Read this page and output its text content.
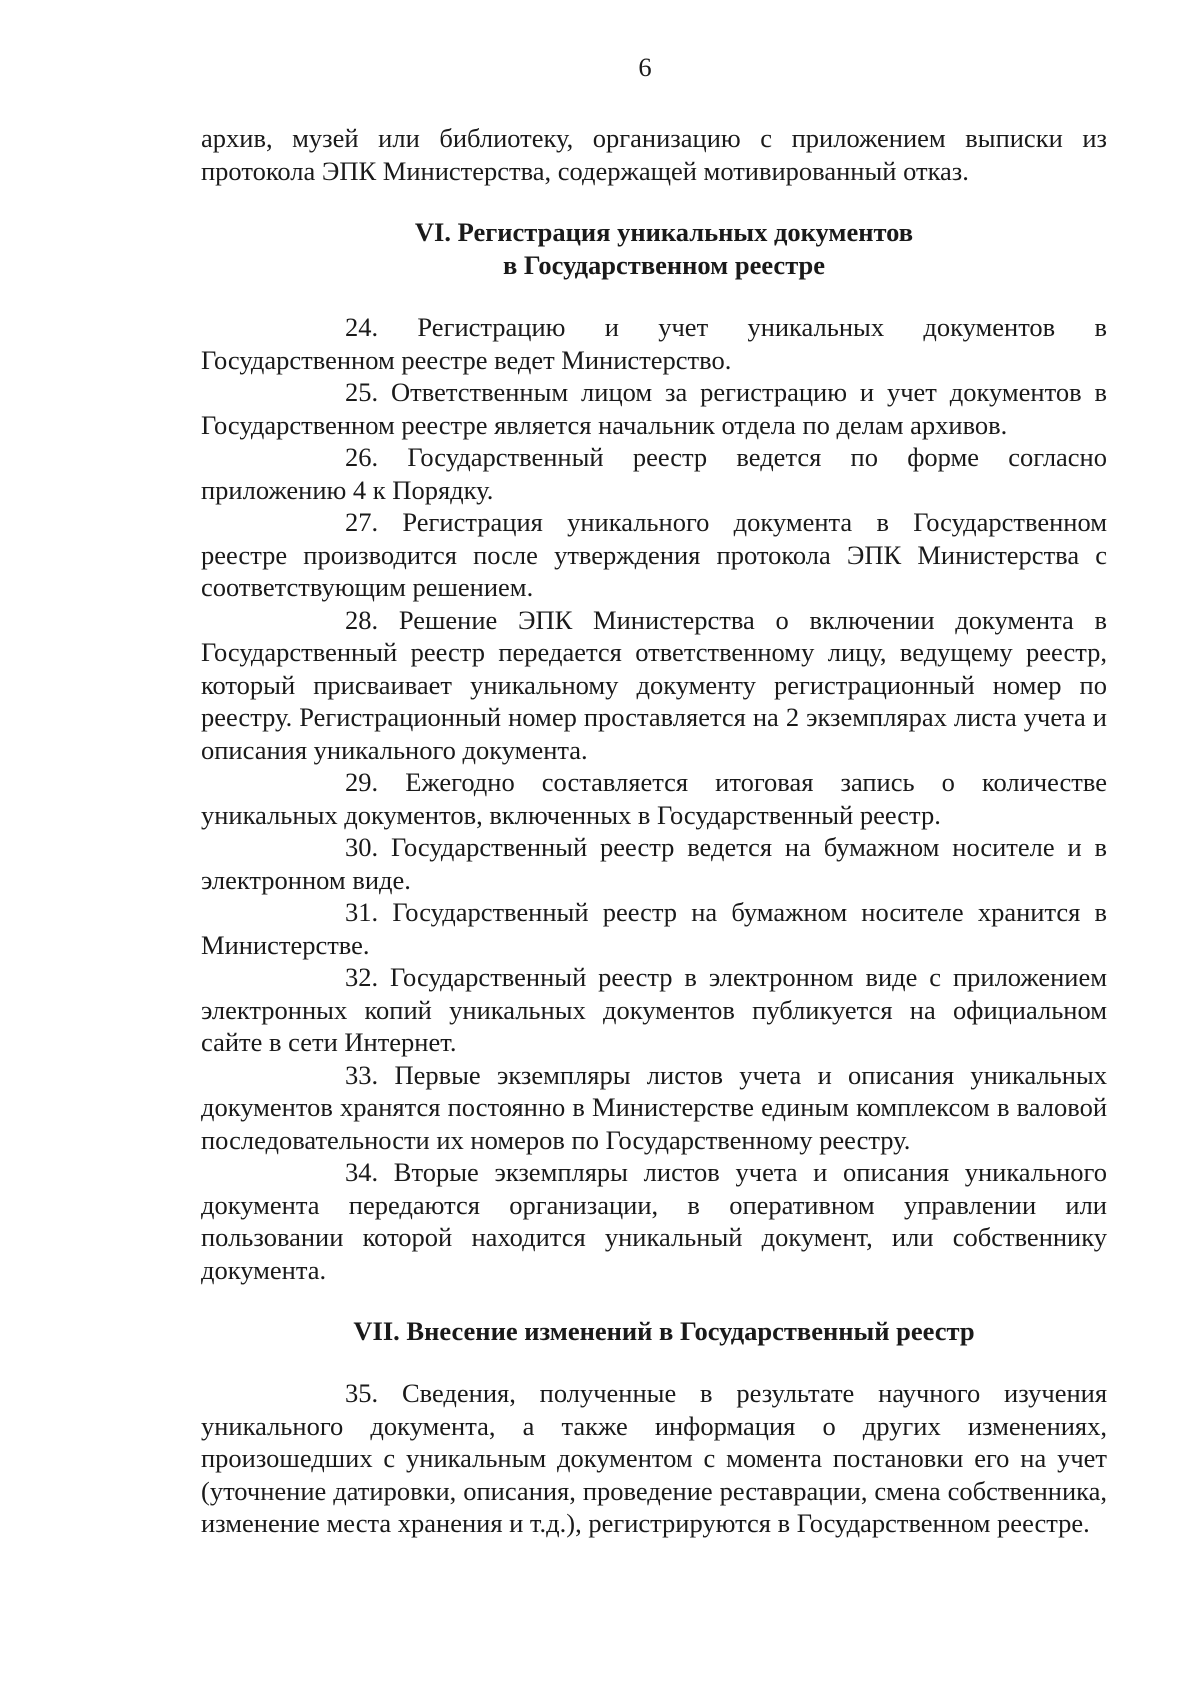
6

архив, музей или библиотеку, организацию с приложением выписки из протокола ЭПК Министерства, содержащей мотивированный отказ.

VI. Регистрация уникальных документов
в Государственном реестре

24. Регистрацию и учет уникальных документов в Государственном реестре ведет Министерство.

25. Ответственным лицом за регистрацию и учет документов в Государственном реестре является начальник отдела по делам архивов.

26. Государственный реестр ведется по форме согласно приложению 4 к Порядку.

27. Регистрация уникального документа в Государственном реестре производится после утверждения протокола ЭПК Министерства с соответствующим решением.

28. Решение ЭПК Министерства о включении документа в Государственный реестр передается ответственному лицу, ведущему реестр, который присваивает уникальному документу регистрационный номер по реестру. Регистрационный номер проставляется на 2 экземплярах листа учета и описания уникального документа.

29. Ежегодно составляется итоговая запись о количестве уникальных документов, включенных в Государственный реестр.

30. Государственный реестр ведется на бумажном носителе и в электронном виде.

31. Государственный реестр на бумажном носителе хранится в Министерстве.

32. Государственный реестр в электронном виде с приложением электронных копий уникальных документов публикуется на официальном сайте в сети Интернет.

33. Первые экземпляры листов учета и описания уникальных документов хранятся постоянно в Министерстве единым комплексом в валовой последовательности их номеров по Государственному реестру.

34. Вторые экземпляры листов учета и описания уникального документа передаются организации, в оперативном управлении или пользовании которой находится уникальный документ, или собственнику документа.

VII. Внесение изменений в Государственный реестр

35. Сведения, полученные в результате научного изучения уникального документа, а также информация о других изменениях, произошедших с уникальным документом с момента постановки его на учет (уточнение датировки, описания, проведение реставрации, смена собственника, изменение места хранения и т.д.), регистрируются в Государственном реестре.
